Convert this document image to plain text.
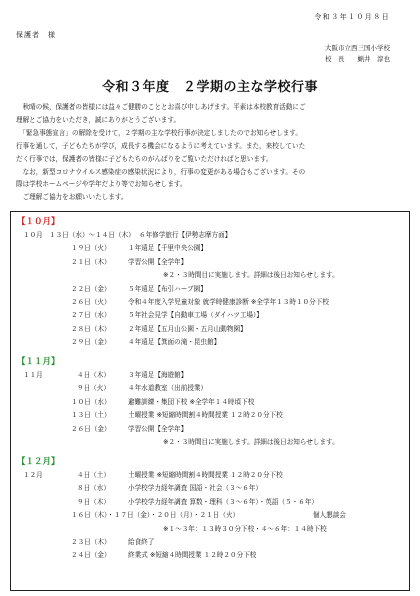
令和３年１０月８日
保護者　様
大阪市立西三国小学校
校　長　　蝋井　淳也
令和３年度　２学期の主な学校行事
　秋晴の候，保護者の皆様には益々ご健勝のこととお喜び申しあげます。平素は本校教育活動にご
理解とご協力をいただき，誠にありがとうございます。
　「緊急事態宣言」の解除を受けて，２学期の主な学校行事が決定しましたのでお知らせします。
行事を通して，子どもたちが学び，成長する機会になるように考えています。また，来校していた
だく行事では，保護者の皆様に子どもたちのがんばりをご覧いただければと思います。
　なお，新型コロナウイルス感染症の感染状況により，行事の変更がある場合もございます。その
際は学校ホームページや学年だより等でお知らせします。
　ご理解ご協力をお願いいたします。
【１０月】
１０月 １３日（水）～１４日（木） ６年修学旅行【伊勢志摩方面】
１９日（火）	１年遠足【千里中央公園】
２１日（木）	学習公開【全学年】
※２・３時間目に実施します。詳細は後日お知らせします。
２２日（金）	５年遠足【布引ハーブ園】
２６日（火）	令和４年度入学児童対象 就学時健康診断 ※全学年１３時１０分下校
２７日（水）	５年社会見学【自動車工場（ダイハツ工場）】
２８日（木）	２年遠足【五月山公園・五月山動物園】
２９日（金）	４年遠足【箕面の滝・昆虫館】
【１１月】
１１月	４日（木）	３年遠足【海遊館】
９日（火）	４年水道教室（出前授業）
１０日（水）	避難訓練・集団下校 ※全学年１４時頃下校
１３日（土）	土曜授業 ※短縮時間割４時間授業 １２時２０分下校
２６日（金）	学習公開【全学年】
※２・３時間目に実施します。詳細は後日お知らせします。
【１２月】
１２月	４日（土）	土曜授業 ※短縮時間割４時間授業 １２時２０分下校
８日（水）	小学校学力経年調査 国語・社会（３～６年）
９日（木）	小学校学力経年調査 算数・理科（３～６年）・英語（５・６年）
１６日（木）・１７日（金）・２０日（月）・２１日（火）	個人懇談会
※１～３年：１３時３０分下校・４～６年：１４時下校
２３日（木）	給食終了
２４日（金）	終業式 ※短縮４時間授業 １２時２０分下校
